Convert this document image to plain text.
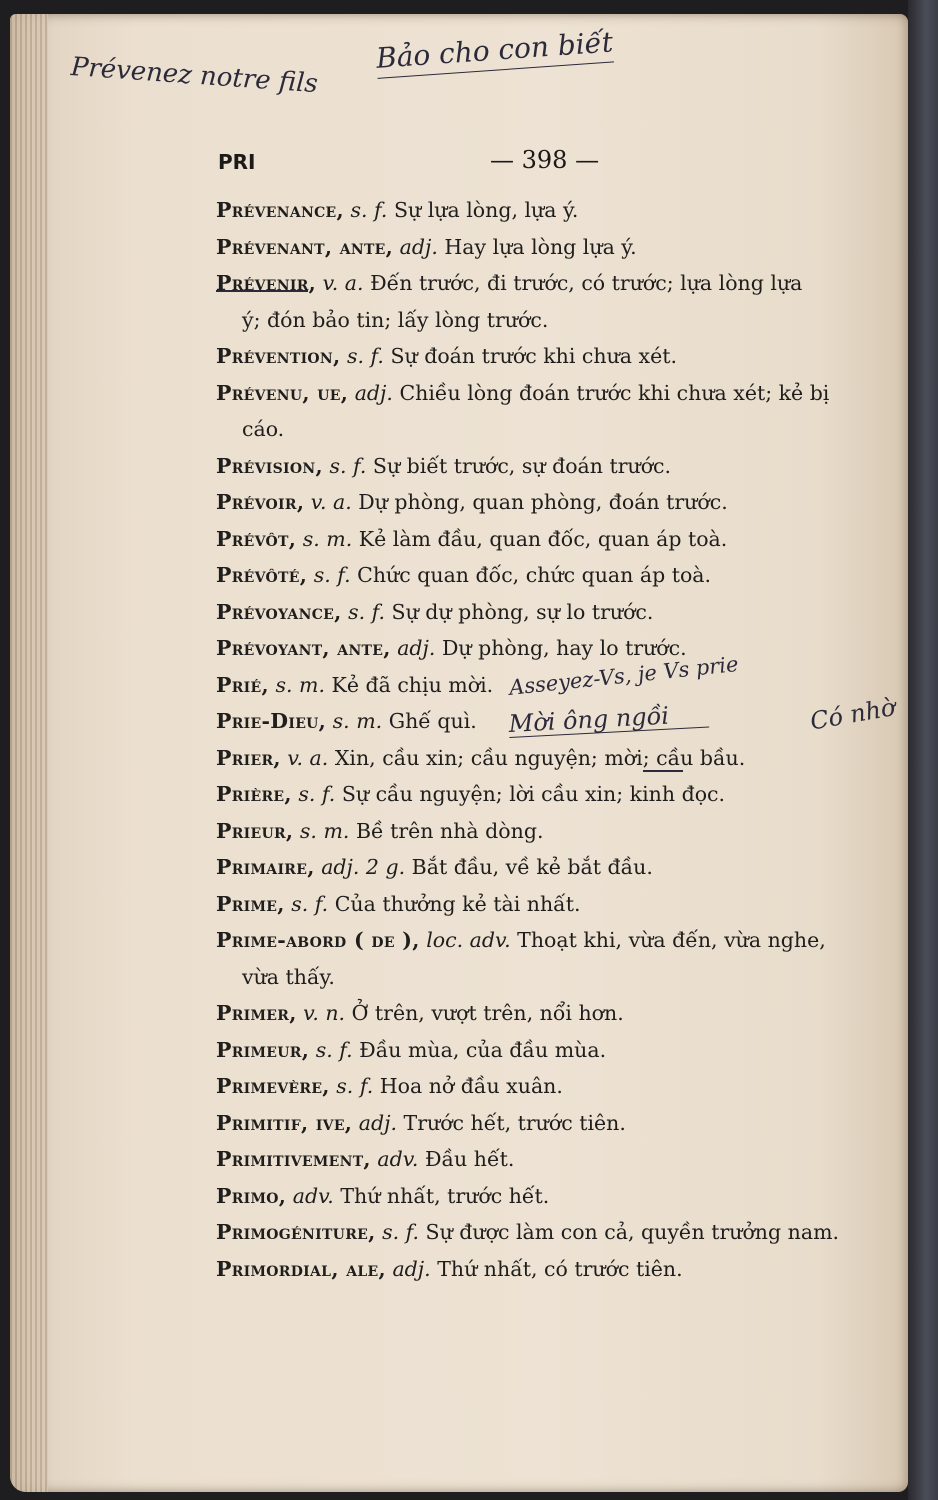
Prévenez notre fils
Bảo cho con biết
Asseyez-Vs, je Vs prie
Mời ông ngồi	Có nhờ
PRI	— 398 —
Prévenance, s. f. Sự lựa lòng, lựa ý.
Prévenant, ante, adj. Hay lựa lòng lựa ý.
Prévenir, v. a. Đến trước, đi trước, có trước; lựa lòng lựa
ý; đón bảo tin; lấy lòng trước.
Prévention, s. f. Sự đoán trước khi chưa xét.
Prévenu, ue, adj. Chiều lòng đoán trước khi chưa xét; kẻ bị
cáo.
Prévision, s. f. Sự biết trước, sự đoán trước.
Prévoir, v. a. Dự phòng, quan phòng, đoán trước.
Prévôt, s. m. Kẻ làm đầu, quan đốc, quan áp toà.
Prévôté, s. f. Chức quan đốc, chức quan áp toà.
Prévoyance, s. f. Sự dự phòng, sự lo trước.
Prévoyant, ante, adj. Dự phòng, hay lo trước.
Prié, s. m. Kẻ đã chịu mời.
Prie-Dieu, s. m. Ghế quì.
Prier, v. a. Xin, cầu xin; cầu nguyện; mời; cầu bầu.
Prière, s. f. Sự cầu nguyện; lời cầu xin; kinh đọc.
Prieur, s. m. Bề trên nhà dòng.
Primaire, adj. 2 g. Bắt đầu, về kẻ bắt đầu.
Prime, s. f. Của thưởng kẻ tài nhất.
Prime-abord ( de ), loc. adv. Thoạt khi, vừa đến, vừa nghe,
vừa thấy.
Primer, v. n. Ở trên, vượt trên, nổi hơn.
Primeur, s. f. Đầu mùa, của đầu mùa.
Primevère, s. f. Hoa nở đầu xuân.
Primitif, ive, adj. Trước hết, trước tiên.
Primitivement, adv. Đầu hết.
Primo, adv. Thứ nhất, trước hết.
Primogéniture, s. f. Sự được làm con cả, quyền trưởng nam.
Primordial, ale, adj. Thứ nhất, có trước tiên.
